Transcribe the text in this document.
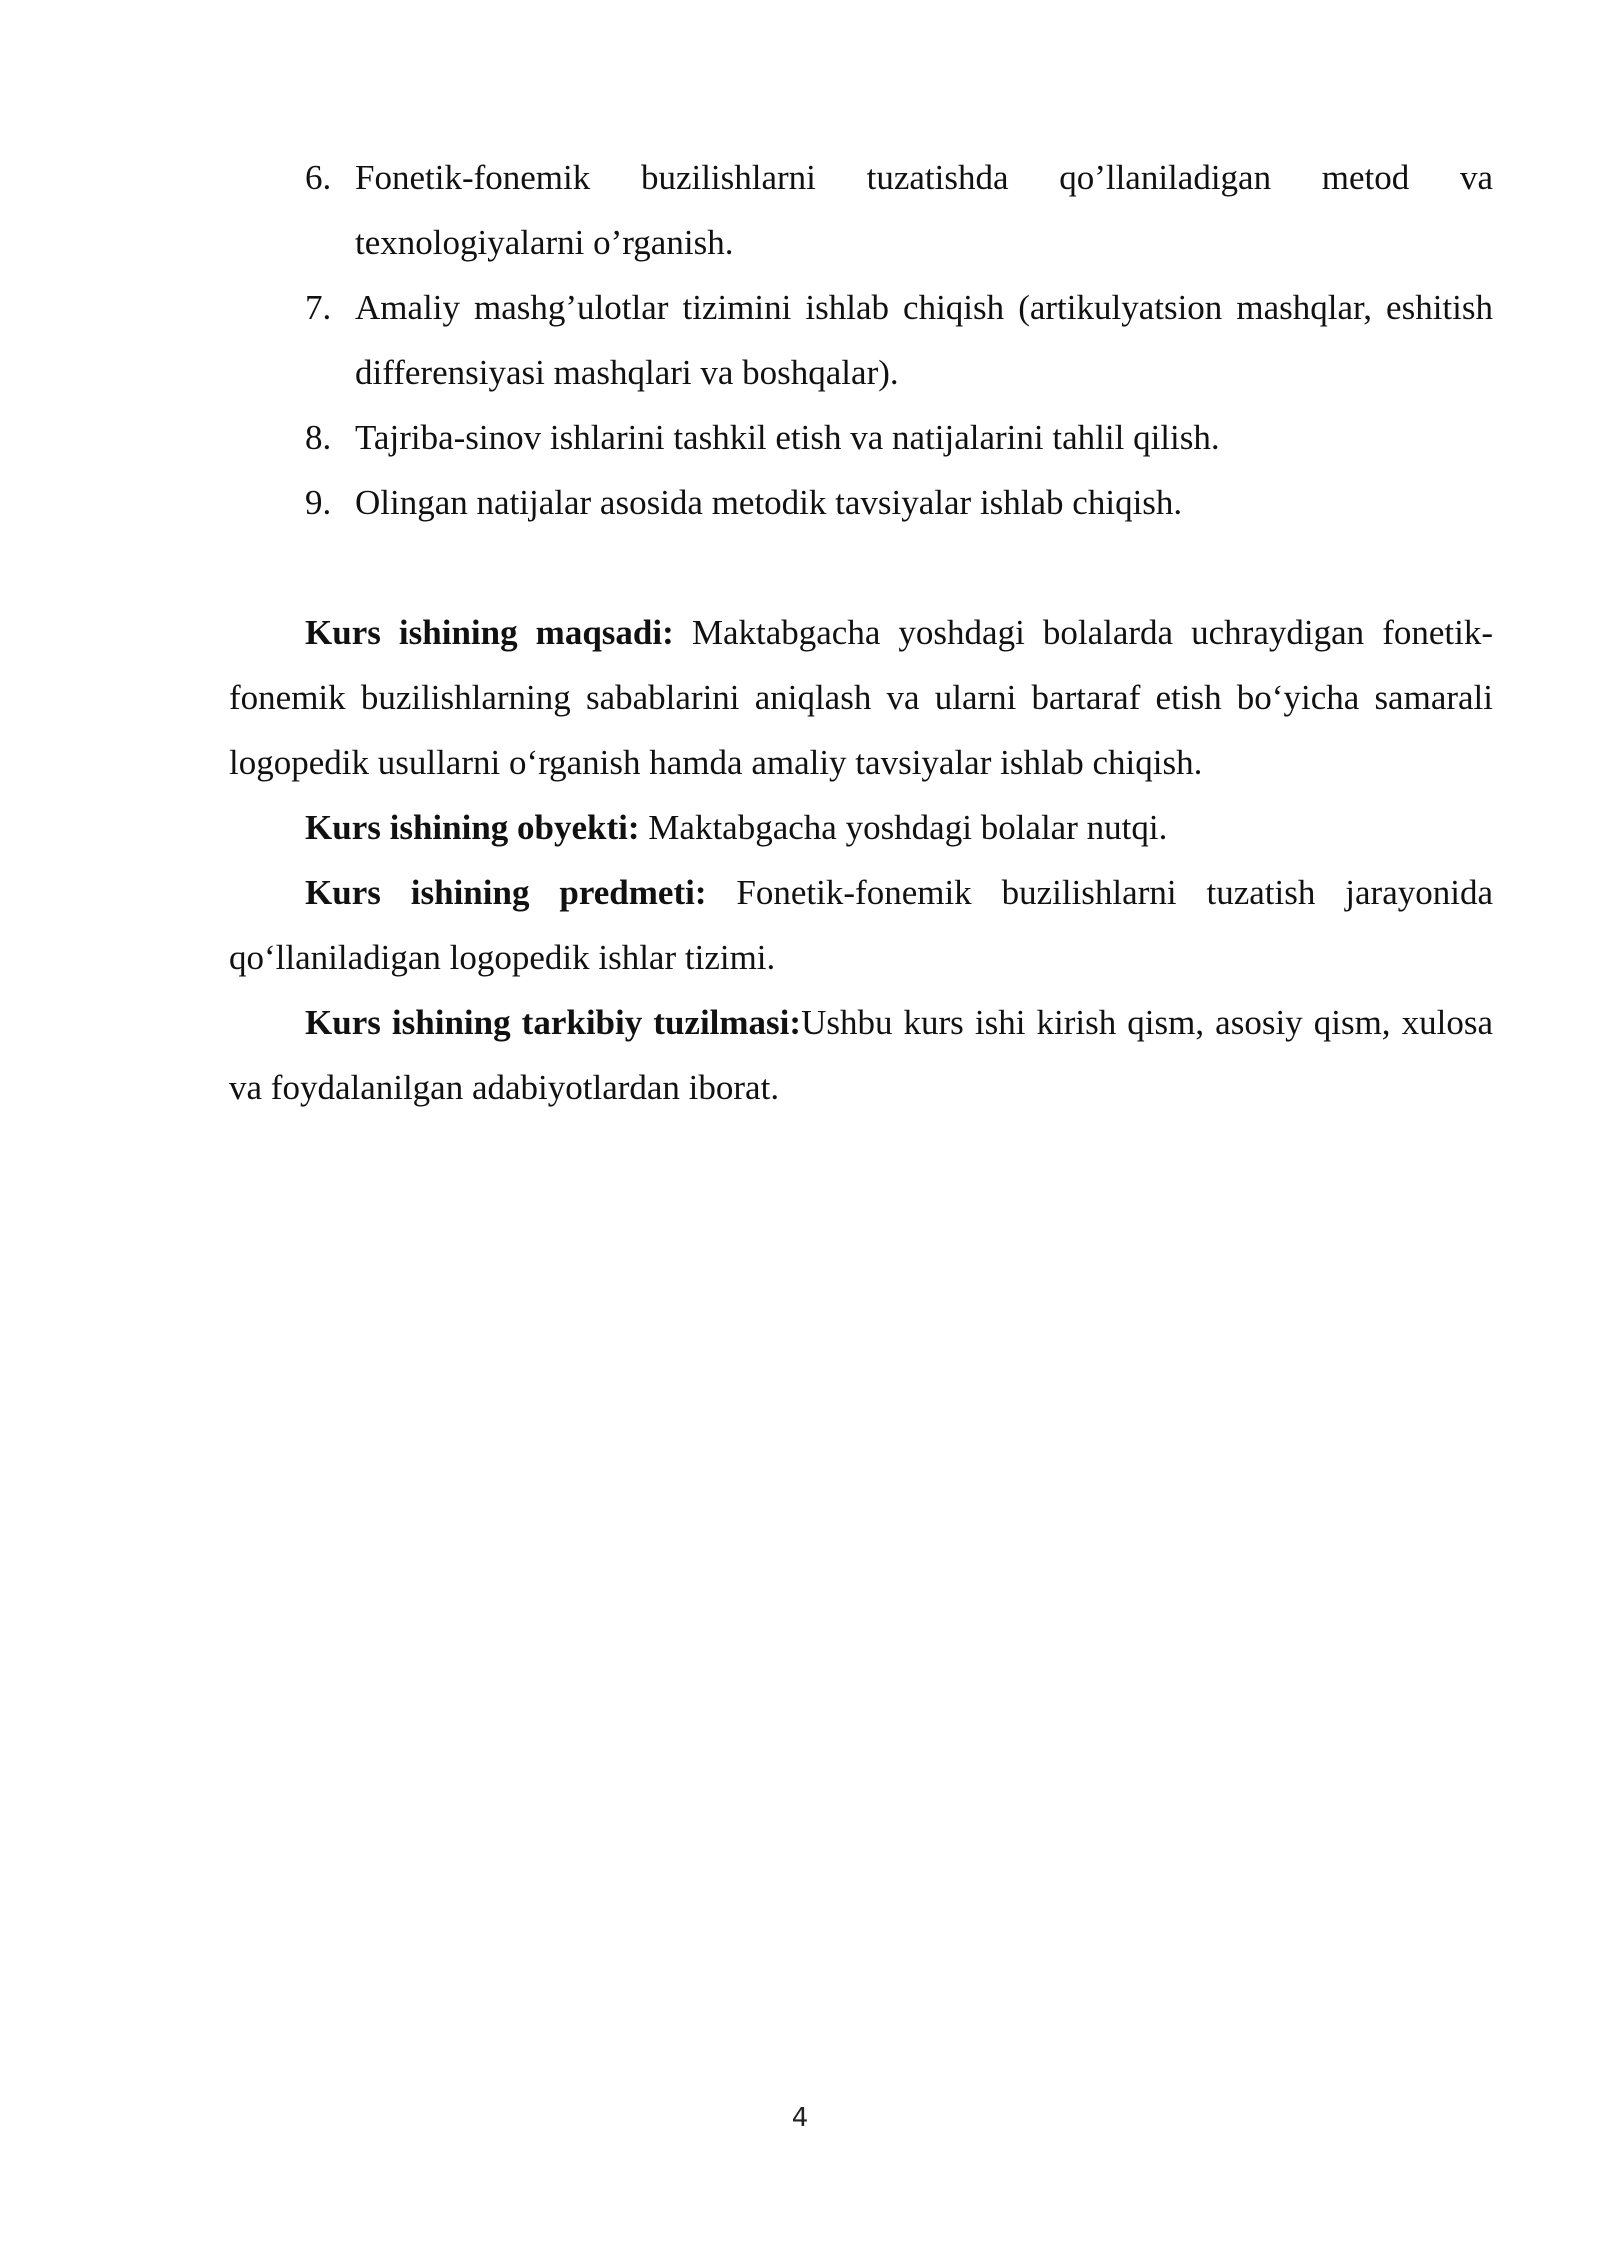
6. Fonetik-fonemik buzilishlarni tuzatishda qo’llaniladigan metod va texnologiyalarni o’rganish.
7. Amaliy mashg’ulotlar tizimini ishlab chiqish (artikulyatsion mashqlar, eshitish differensiyasi mashqlari va boshqalar).
8. Tajriba-sinov ishlarini tashkil etish va natijalarini tahlil qilish.
9. Olingan natijalar asosida metodik tavsiyalar ishlab chiqish.

Kurs ishining maqsadi: Maktabgacha yoshdagi bolalarda uchraydigan fonetik-fonemik buzilishlarning sabablarini aniqlash va ularni bartaraf etish bo‘yicha samarali logopedik usullarni o‘rganish hamda amaliy tavsiyalar ishlab chiqish.

Kurs ishining obyekti: Maktabgacha yoshdagi bolalar nutqi.

Kurs ishining predmeti: Fonetik-fonemik buzilishlarni tuzatish jarayonida qo‘llaniladigan logopedik ishlar tizimi.

Kurs ishining tarkibiy tuzilmasi:Ushbu kurs ishi kirish qism, asosiy qism, xulosa va foydalanilgan adabiyotlardan iborat.

4
